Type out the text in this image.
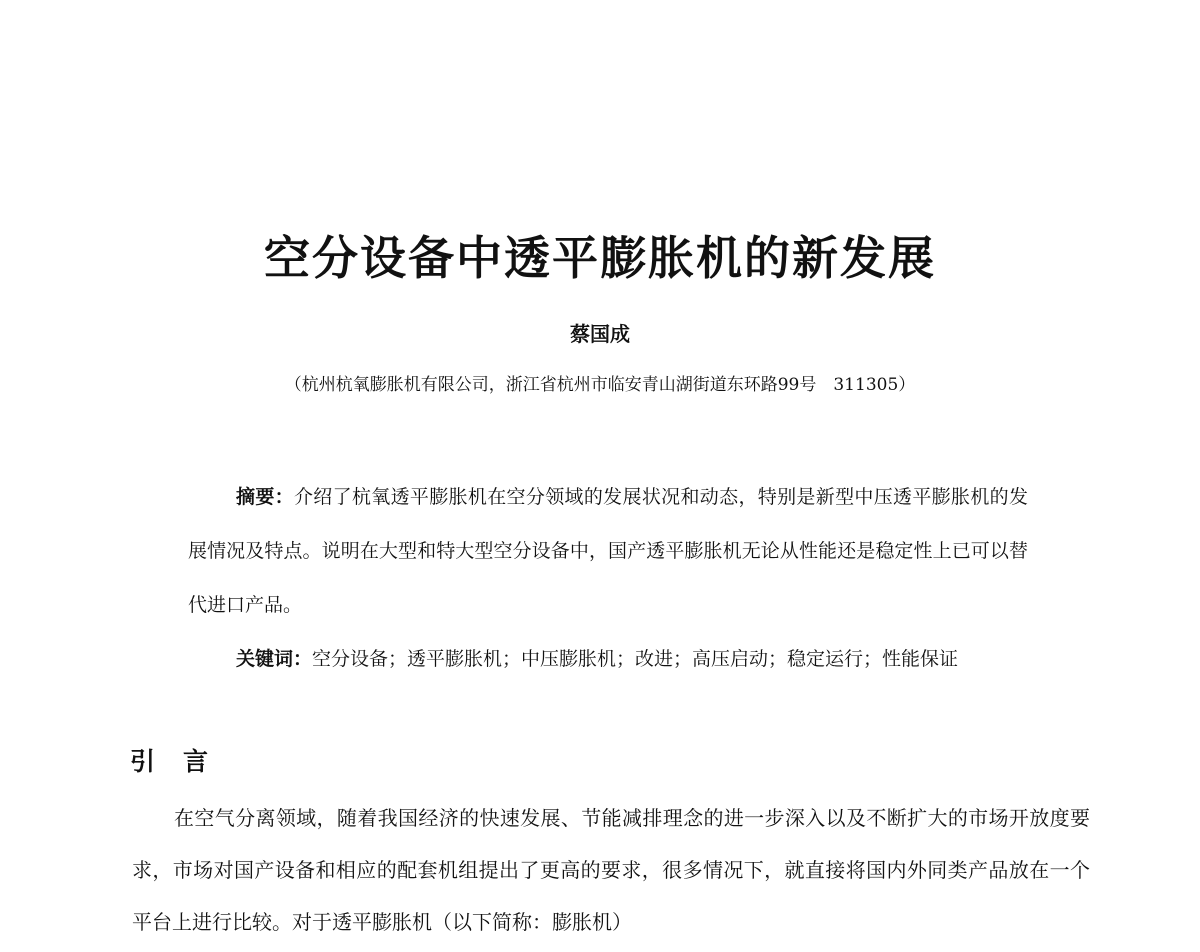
空分设备中透平膨胀机的新发展
蔡国成
（杭州杭氧膨胀机有限公司，浙江省杭州市临安青山湖街道东环路99号　311305）

摘要：介绍了杭氧透平膨胀机在空分领域的发展状况和动态，特别是新型中压透平膨胀机的发展情况及特点。说明在大型和特大型空分设备中，国产透平膨胀机无论从性能还是稳定性上已可以替代进口产品。

关键词：空分设备；透平膨胀机；中压膨胀机；改进；高压启动；稳定运行；性能保证

引言

在空气分离领域，随着我国经济的快速发展、节能减排理念的进一步深入以及不断扩大的市场开放度要求，市场对国产设备和相应的配套机组提出了更高的要求，很多情况下，就直接将国内外同类产品放在一个平台上进行比较。对于透平膨胀机（以下简称：膨胀机）
